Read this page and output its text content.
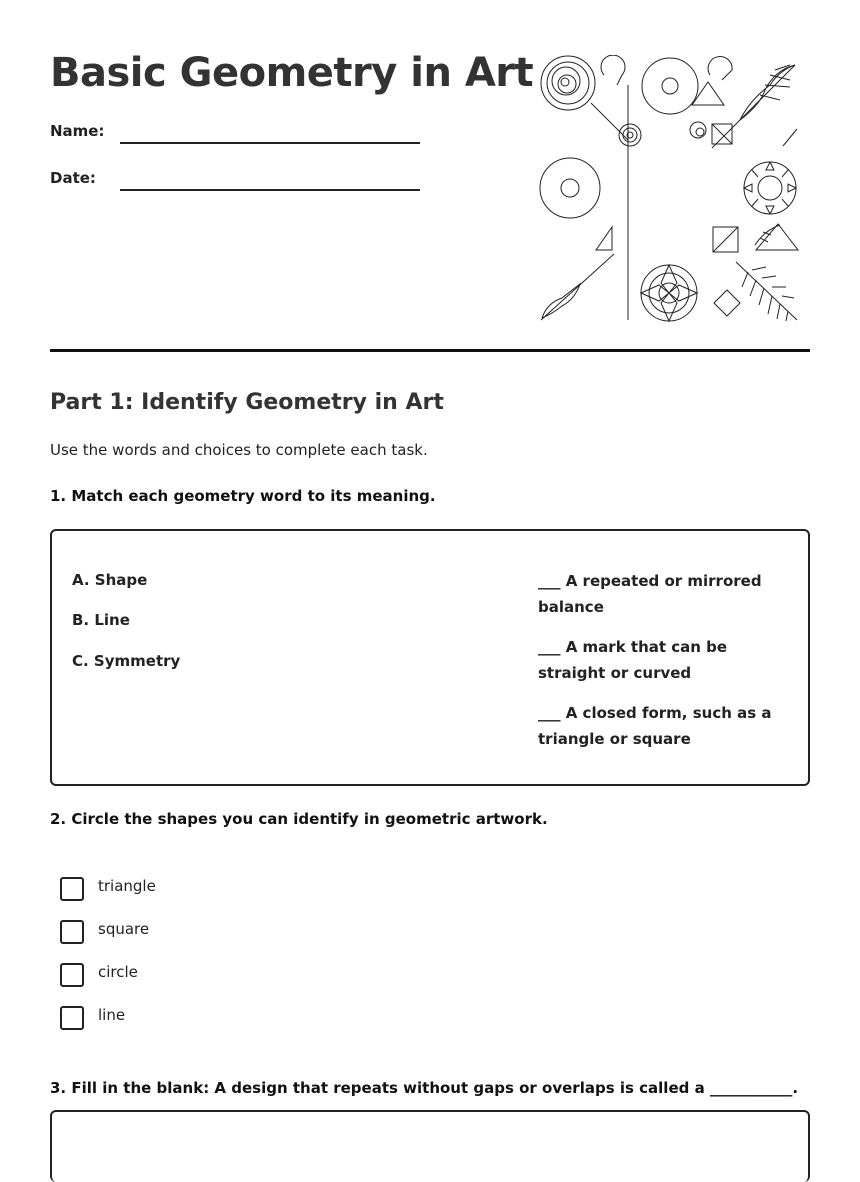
Basic Geometry in Art
Name:
Date:
Part 1: Identify Geometry in Art
Use the words and choices to complete each task.
1. Match each geometry word to its meaning.
A. Shape
B. Line
C. Symmetry
___ A repeated or mirrored balance
___ A mark that can be straight or curved
___ A closed form, such as a triangle or square
2. Circle the shapes you can identify in geometric artwork.
triangle
square
circle
line
3. Fill in the blank: A design that repeats without gaps or overlaps is called a ___________.
